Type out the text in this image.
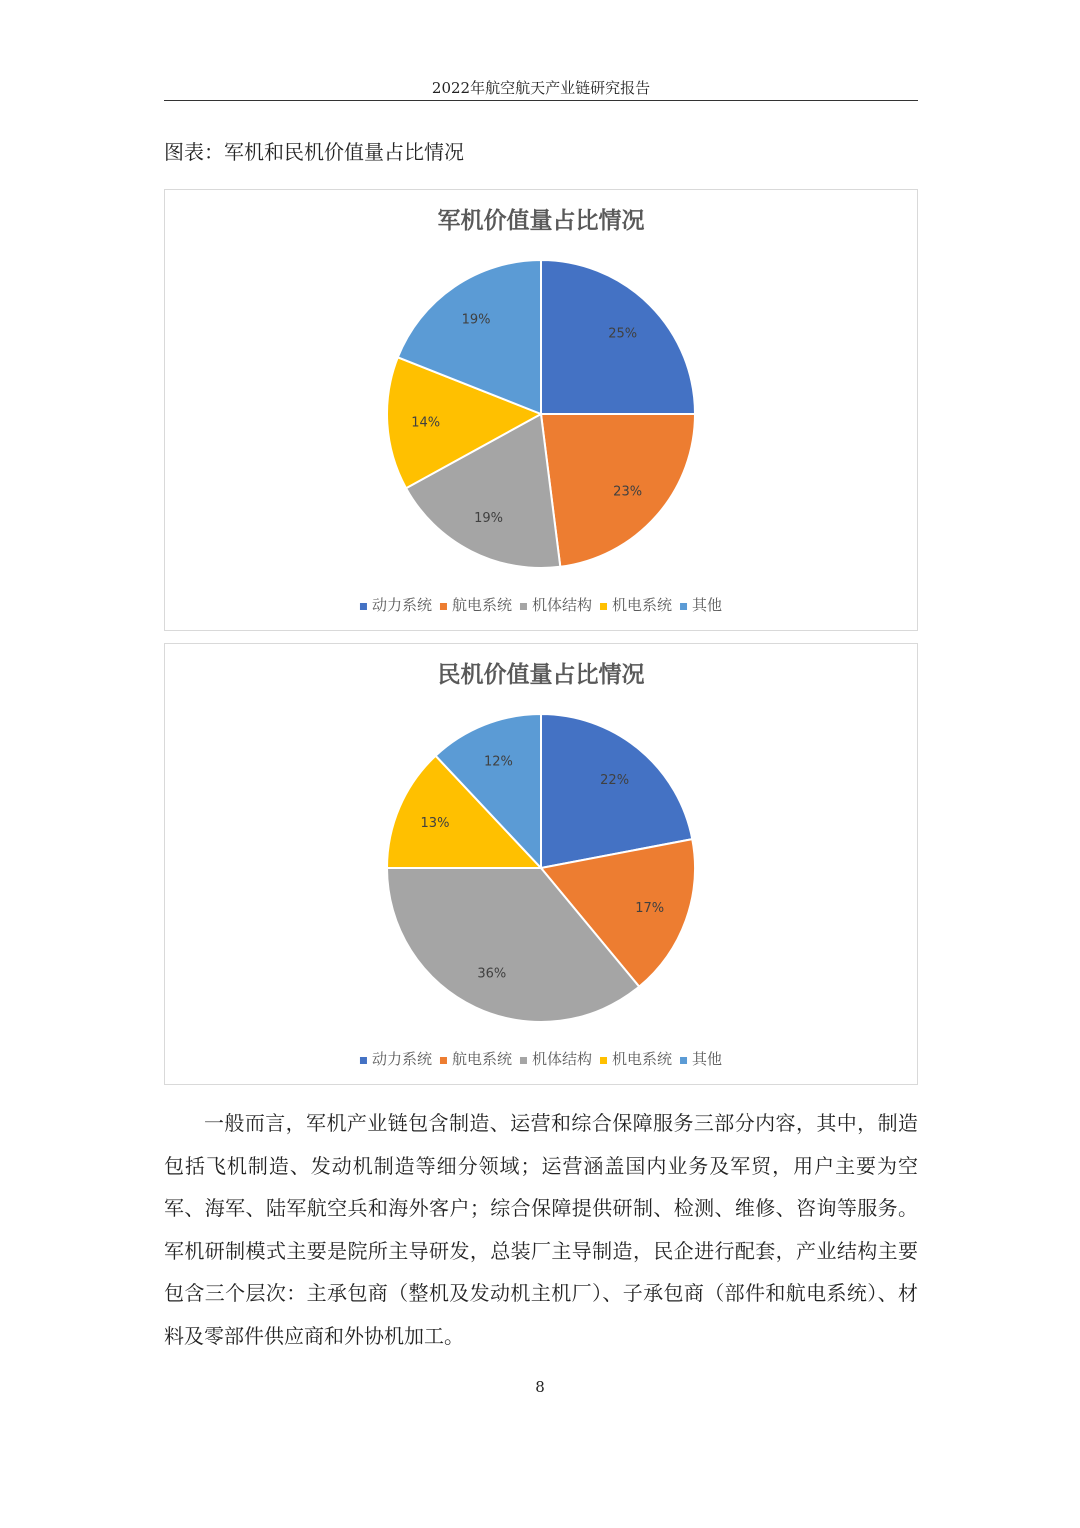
2022年航空航天产业链研究报告
图表：军机和民机价值量占比情况
军机价值量占比情况
25%
23%
19%
14%
19%
动力系统 航电系统 机体结构 机电系统 其他
民机价值量占比情况
22%
17%
36%
13%
12%
动力系统 航电系统 机体结构 机电系统 其他

一般而言，军机产业链包含制造、运营和综合保障服务三部分内容，其中，制造包括飞机制造、发动机制造等细分领域；运营涵盖国内业务及军贸，用户主要为空军、海军、陆军航空兵和海外客户；综合保障提供研制、检测、维修、咨询等服务。军机研制模式主要是院所主导研发，总装厂主导制造，民企进行配套，产业结构主要包含三个层次：主承包商（整机及发动机主机厂）、子承包商（部件和航电系统）、材料及零部件供应商和外协机加工。

8
